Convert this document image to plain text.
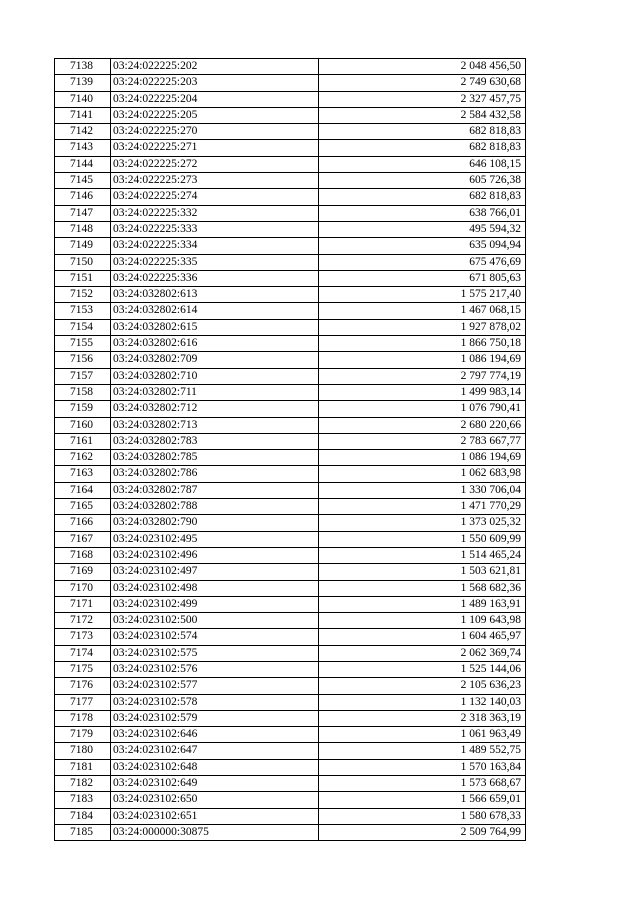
7138	03:24:022225:202	2 048 456,50
7139	03:24:022225:203	2 749 630,68
7140	03:24:022225:204	2 327 457,75
7141	03:24:022225:205	2 584 432,58
7142	03:24:022225:270	682 818,83
7143	03:24:022225:271	682 818,83
7144	03:24:022225:272	646 108,15
7145	03:24:022225:273	605 726,38
7146	03:24:022225:274	682 818,83
7147	03:24:022225:332	638 766,01
7148	03:24:022225:333	495 594,32
7149	03:24:022225:334	635 094,94
7150	03:24:022225:335	675 476,69
7151	03:24:022225:336	671 805,63
7152	03:24:032802:613	1 575 217,40
7153	03:24:032802:614	1 467 068,15
7154	03:24:032802:615	1 927 878,02
7155	03:24:032802:616	1 866 750,18
7156	03:24:032802:709	1 086 194,69
7157	03:24:032802:710	2 797 774,19
7158	03:24:032802:711	1 499 983,14
7159	03:24:032802:712	1 076 790,41
7160	03:24:032802:713	2 680 220,66
7161	03:24:032802:783	2 783 667,77
7162	03:24:032802:785	1 086 194,69
7163	03:24:032802:786	1 062 683,98
7164	03:24:032802:787	1 330 706,04
7165	03:24:032802:788	1 471 770,29
7166	03:24:032802:790	1 373 025,32
7167	03:24:023102:495	1 550 609,99
7168	03:24:023102:496	1 514 465,24
7169	03:24:023102:497	1 503 621,81
7170	03:24:023102:498	1 568 682,36
7171	03:24:023102:499	1 489 163,91
7172	03:24:023102:500	1 109 643,98
7173	03:24:023102:574	1 604 465,97
7174	03:24:023102:575	2 062 369,74
7175	03:24:023102:576	1 525 144,06
7176	03:24:023102:577	2 105 636,23
7177	03:24:023102:578	1 132 140,03
7178	03:24:023102:579	2 318 363,19
7179	03:24:023102:646	1 061 963,49
7180	03:24:023102:647	1 489 552,75
7181	03:24:023102:648	1 570 163,84
7182	03:24:023102:649	1 573 668,67
7183	03:24:023102:650	1 566 659,01
7184	03:24:023102:651	1 580 678,33
7185	03:24:000000:30875	2 509 764,99
